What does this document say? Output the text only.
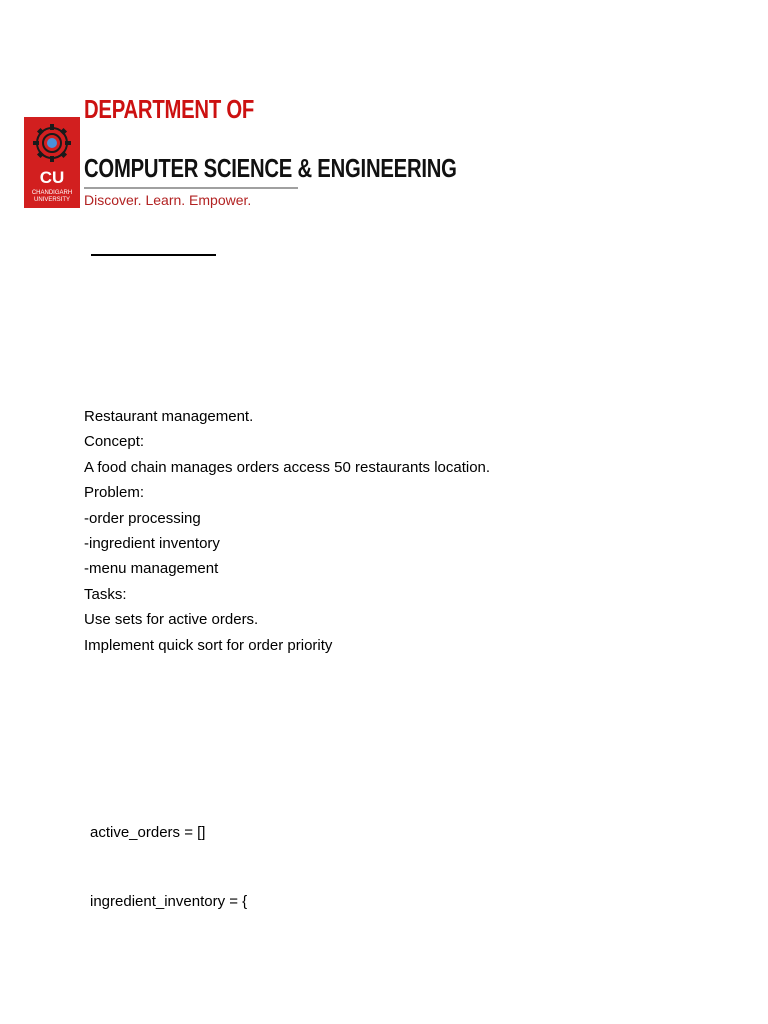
CU
CHANDIGARH
UNIVERSITY
DEPARTMENT OF
COMPUTER SCIENCE & ENGINEERING
Discover. Learn. Empower.
Restaurant management.
Concept:
A food chain manages orders access 50 restaurants location.
Problem:
-order processing
-ingredient inventory
-menu management
Tasks:
Use sets for active orders.
Implement quick sort for order priority
active_orders = []
ingredient_inventory = {
